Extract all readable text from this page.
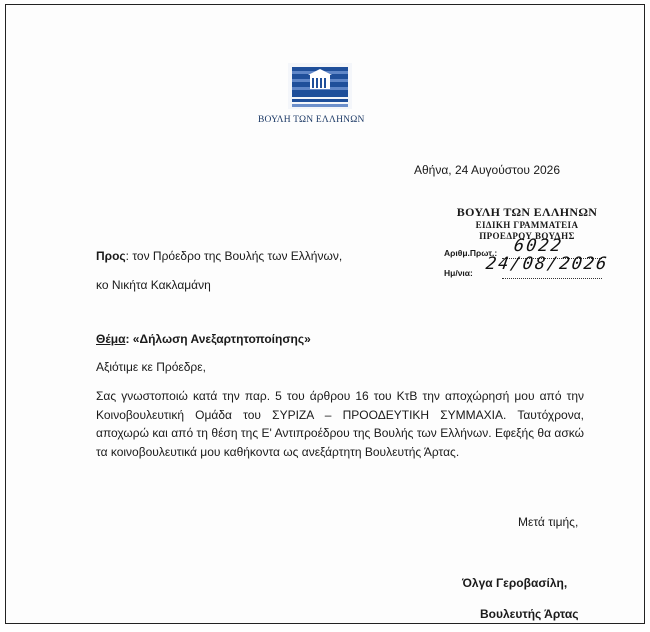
ΒΟΥΛΗ ΤΩΝ ΕΛΛΗΝΩΝ
Αθήνα, 24 Αυγούστου 2026
ΒΟΥΛΗ ΤΩΝ ΕΛΛΗΝΩΝ
ΕΙΔΙΚΗ ΓΡΑΜΜΑΤΕΙΑ
ΠΡΟΕΔΡΟΥ ΒΟΥΛΗΣ
Αριθμ.Πρωτ.: 6022
Ημ/νια: 24/08/2026
Προς: τον Πρόεδρο της Βουλής των Ελλήνων,
κο Νικήτα Κακλαμάνη
Θέμα: «Δήλωση Ανεξαρτητοποίησης»
Αξιότιμε κε Πρόεδρε,
Σας γνωστοποιώ κατά την παρ. 5 του άρθρου 16 του ΚτΒ την αποχώρησή μου από την Κοινοβουλευτική Ομάδα του ΣΥΡΙΖΑ – ΠΡΟΟΔΕΥΤΙΚΗ ΣΥΜΜΑΧΙΑ. Ταυτόχρονα, αποχωρώ και από τη θέση της Ε' Αντιπροέδρου της Βουλής των Ελλήνων. Εφεξής θα ασκώ τα κοινοβουλευτικά μου καθήκοντα ως ανεξάρτητη Βουλευτής Άρτας.
Μετά τιμής,
Όλγα Γεροβασίλη,
Βουλευτής Άρτας
